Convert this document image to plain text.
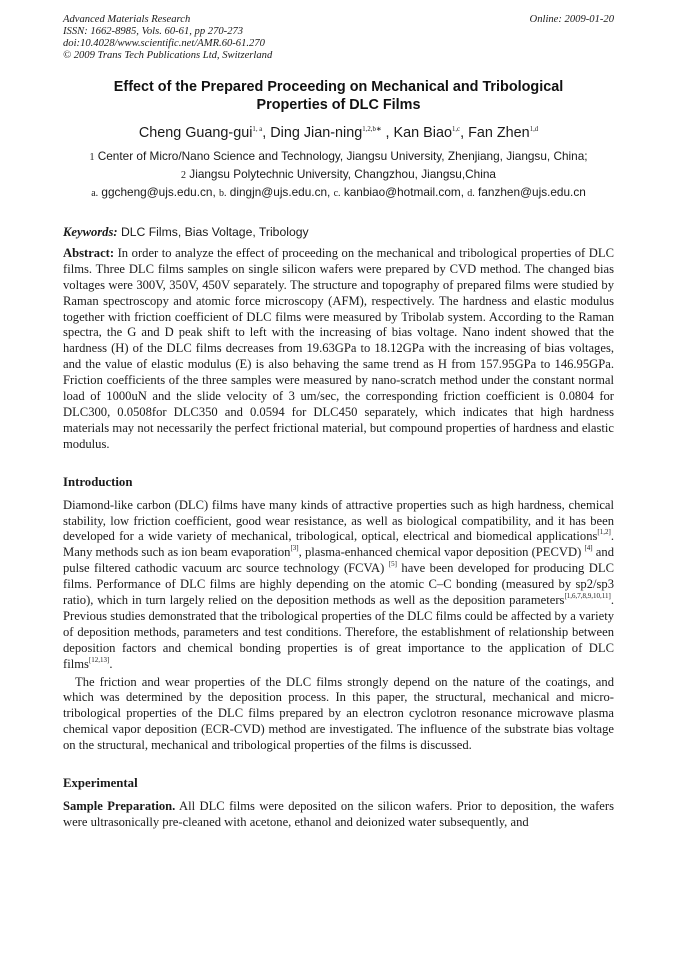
Advanced Materials Research
ISSN: 1662-8985, Vols. 60-61, pp 270-273
doi:10.4028/www.scientific.net/AMR.60-61.270
© 2009 Trans Tech Publications Ltd, Switzerland
Online: 2009-01-20
Effect of the Prepared Proceeding on Mechanical and Tribological
Properties of DLC Films
Cheng Guang-gui$^{1, a}$, Ding Jian-ning$^{1,2,b∗}$ , Kan Biao$^{1,c}$, Fan Zhen$^{1,d}$
1 Center of Micro/Nano Science and Technology, Jiangsu University, Zhenjiang, Jiangsu, China;
2 Jiangsu Polytechnic University, Changzhou, Jiangsu,China
a. ggcheng@ujs.edu.cn, b. dingjn@ujs.edu.cn, c. kanbiao@hotmail.com, d. fanzhen@ujs.edu.cn
Keywords: DLC Films, Bias Voltage, Tribology
Abstract: In order to analyze the effect of proceeding on the mechanical and tribological properties of DLC films. Three DLC films samples on single silicon wafers were prepared by CVD method. The changed bias voltages were 300V, 350V, 450V separately. The structure and topography of prepared films were studied by Raman spectroscopy and atomic force microscopy (AFM), respectively. The hardness and elastic modulus together with friction coefficient of DLC films were measured by Tribolab system. According to the Raman spectra, the G and D peak shift to left with the increasing of bias voltage. Nano indent showed that the hardness (H) of the DLC films decreases from 19.63GPa to 18.12GPa with the increasing of bias voltages, and the value of elastic modulus (E) is also behaving the same trend as H from 157.95GPa to 146.95GPa. Friction coefficients of the three samples were measured by nano-scratch method under the constant normal load of 1000uN and the slide velocity of 3 um/sec, the corresponding friction coefficient is 0.0804 for DLC300, 0.0508for DLC350 and 0.0594 for DLC450 separately, which indicates that high hardness materials may not necessarily the perfect frictional material, but compound properties of hardness and elastic modulus.
Introduction

Diamond-like carbon (DLC) films have many kinds of attractive properties such as high hardness, chemical stability, low friction coefficient, good wear resistance, as well as biological compatibility, and it has been developed for a wide variety of mechanical, tribological, optical, electrical and biomedical applications[1,2]. Many methods such as ion beam evaporation[3], plasma-enhanced chemical vapor deposition (PECVD) [4] and pulse filtered cathodic vacuum arc source technology (FCVA) [5] have been developed for producing DLC films. Performance of DLC films are highly depending on the atomic C–C bonding (measured by sp2/sp3 ratio), which in turn largely relied on the deposition methods as well as the deposition parameters[1,6,7,8,9,10,11]. Previous studies demonstrated that the tribological properties of the DLC films could be affected by a variety of deposition methods, parameters and test conditions. Therefore, the establishment of relationship between deposition factors and chemical bonding properties is of great importance to the application of DLC films[12,13].

The friction and wear properties of the DLC films strongly depend on the nature of the coatings, and which was determined by the deposition process. In this paper, the structural, mechanical and micro-tribological properties of the DLC films prepared by an electron cyclotron resonance microwave plasma chemical vapor deposition (ECR-CVD) method are investigated. The influence of the substrate bias voltage on the structural, mechanical and tribological properties of the films is discussed.

Experimental

Sample Preparation. All DLC films were deposited on the silicon wafers. Prior to deposition, the wafers were ultrasonically pre-cleaned with acetone, ethanol and deionized water subsequently, and
